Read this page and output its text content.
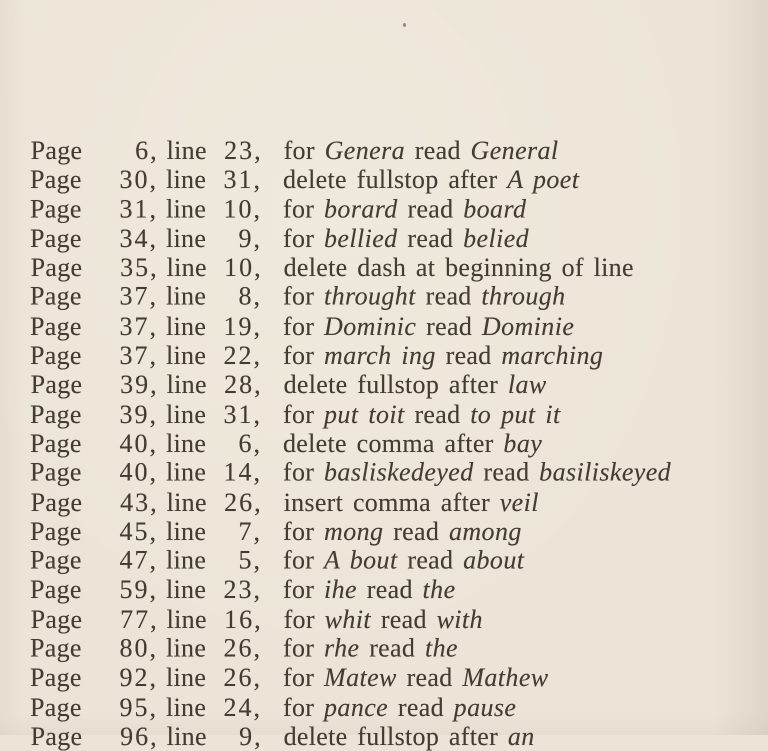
Page	6, line 23, for Genera read General
Page	30, line 31, delete fullstop after A poet
Page	31, line 10, for borard read board
Page	34, line	9, for bellied read belied
Page	35, line 10, delete dash at beginning of line
Page	37, line	8, for throught read through
Page	37, line 19, for Dominic read Dominie
Page	37, line 22, for march ing read marching
Page	39, line 28, delete fullstop after law
Page	39, line 31, for put toit read to put it
Page	40, line	6, delete comma after bay
Page	40, line 14, for basliskedeyed read basiliskeyed
Page	43, line 26, insert comma after veil
Page	45, line	7, for mong read among
Page	47, line	5, for A bout read about
Page	59, line 23, for ihe read the
Page	77, line 16, for whit read with
Page	80, line 26, for rhe read the
Page	92, line 26, for Matew read Mathew
Page	95, line 24, for pance read pause
Page	96, line	9, delete fullstop after an
